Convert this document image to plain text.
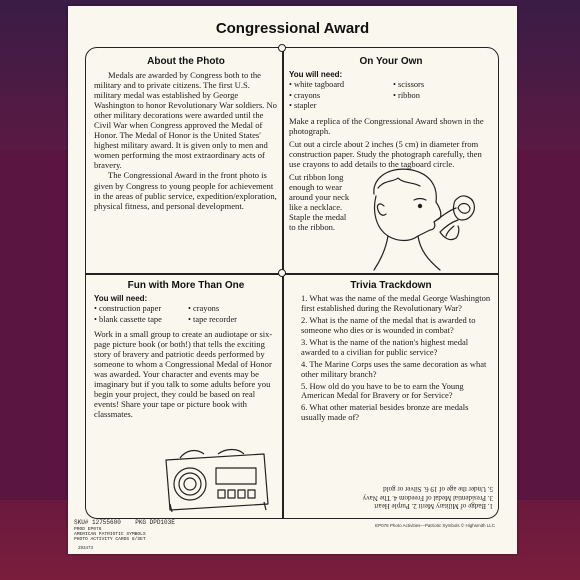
Congressional Award
About the Photo

Medals are awarded by Congress both to the military and to private citizens. The first U.S. military medal was established by George Washington to honor Revolutionary War soldiers. No other military decorations were awarded until the Civil War when Congress approved the Medal of Honor. The Medal of Honor is the United States' highest military award. It is given only to men and women performing the most extraordinary acts of bravery.

The Congressional Award in the front photo is given by Congress to young people for achievement in the areas of public service, expedition/exploration, physical fitness, and personal development.

On Your Own
You will need:
• white tagboard	• scissors
• crayons	• ribbon
• stapler

Make a replica of the Congressional Award shown in the photograph.

Cut out a circle about 2 inches (5 cm) in diameter from construction paper. Study the photograph carefully, then use crayons to add details to the tagboard circle.

Cut ribbon long enough to wear around your neck like a necklace. Staple the medal to the ribbon.

Fun with More Than One
You will need:
• construction paper	• crayons
• blank cassette tape	• tape recorder
Work in a small group to create an audiotape or six-page picture book (or both!) that tells the exciting story of bravery and patriotic deeds performed by someone to whom a Congressional Medal of Honor was awarded. Your character and events may be imaginary but if you talk to some adults before you begin your project, they could be based on real events! Share your tape or picture book with classmates.
Trivia Trackdown
1. What was the name of the medal George Washington first established during the Revolutionary War?
2. What is the name of the medal that is awarded to someone who dies or is wounded in combat?
3. What is the name of the nation's highest medal awarded to a civilian for public service?
4. The Marine Corps uses the same decoration as what other military branch?
5. How old do you have to be to earn the Young American Medal for Bravery or for Service?
6. What other material besides bronze are medals usually made of?
1. Badge of Military Merit 2. Purple Heart
3. Presidential Medal of Freedom 4. The Navy
5. Under the age of 19 6. Silver or gold
EP076 Photo Activities—Patriotic Symbols © Highsmith LLC
SKU# 12755600 PKG DPD103E
PROD EP076
AMERICAN PATRIOTIC SYMBOLS
PHOTO ACTIVITY CARDS 8/SET
293473
